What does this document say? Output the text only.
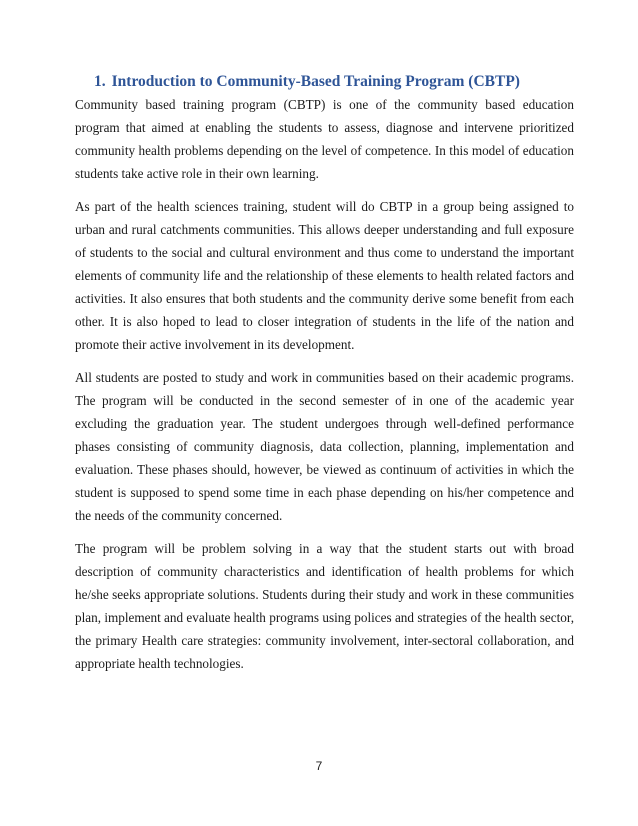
1. Introduction to Community-Based Training Program (CBTP)

Community based training program (CBTP) is one of the community based education program that aimed at enabling the students to assess, diagnose and intervene prioritized community health problems depending on the level of competence. In this model of education students take active role in their own learning.

As part of the health sciences training, student will do CBTP in a group being assigned to urban and rural catchments communities. This allows deeper understanding and full exposure of students to the social and cultural environment and thus come to understand the important elements of community life and the relationship of these elements to health related factors and activities. It also ensures that both students and the community derive some benefit from each other. It is also hoped to lead to closer integration of students in the life of the nation and promote their active involvement in its development.

All students are posted to study and work in communities based on their academic programs. The program will be conducted in the second semester of in one of the academic year excluding the graduation year. The student undergoes through well-defined performance phases consisting of community diagnosis, data collection, planning, implementation and evaluation. These phases should, however, be viewed as continuum of activities in which the student is supposed to spend some time in each phase depending on his/her competence and the needs of the community concerned.

The program will be problem solving in a way that the student starts out with broad description of community characteristics and identification of health problems for which he/she seeks appropriate solutions. Students during their study and work in these communities plan, implement and evaluate health programs using polices and strategies of the health sector, the primary Health care strategies: community involvement, inter-sectoral collaboration, and appropriate health technologies.

7
